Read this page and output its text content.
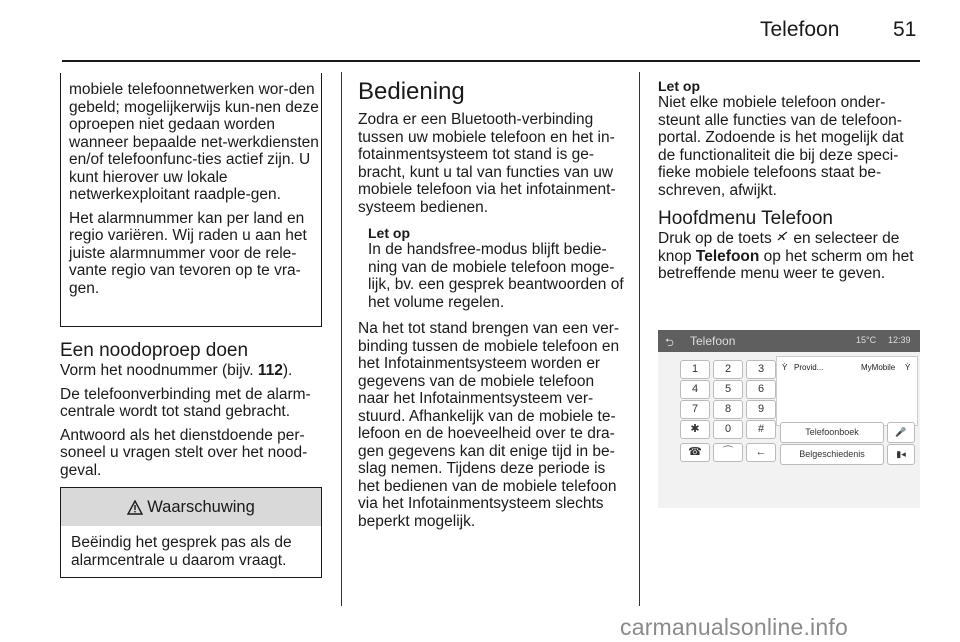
Telefoon	51

mobiele telefoonnetwerken wor-den gebeld; mogelijkerwijs kun-nen deze oproepen niet gedaan worden wanneer bepaalde net-werkdiensten en/of telefoonfunc-ties actief zijn. U kunt hierover uw lokale netwerkexploitant raadple-gen.

Het alarmnummer kan per land en regio variëren. Wij raden u aan het juiste alarmnummer voor de rele-vante regio van tevoren op te vra-gen.

Een noodoproep doen

Vorm het noodnummer (bijv. 112).

De telefoonverbinding met de alarm-centrale wordt tot stand gebracht.

Antwoord als het dienstdoende per-soneel u vragen stelt over het nood-geval.

Waarschuwing
Beëindig het gesprek pas als de alarmcentrale u daarom vraagt.
Bediening

Zodra er een Bluetooth-verbinding tussen uw mobiele telefoon en het in-fotainmentsysteem tot stand is ge-bracht, kunt u tal van functies van uw mobiele telefoon via het infotainment-systeem bedienen.

Let op

In de handsfree-modus blijft bedie-ning van de mobiele telefoon moge-lijk, bv. een gesprek beantwoorden of het volume regelen.

Na het tot stand brengen van een ver-binding tussen de mobiele telefoon en het Infotainmentsysteem worden er gegevens van de mobiele telefoon naar het Infotainmentsysteem ver-stuurd. Afhankelijk van de mobiele te-lefoon en de hoeveelheid over te dra-gen gegevens kan dit enige tijd in be-slag nemen. Tijdens deze periode is het bedienen van de mobiele telefoon via het Infotainmentsysteem slechts beperkt mogelijk.

Let op

Niet elke mobiele telefoon onder-steunt alle functies van de telefoon-portal. Zodoende is het mogelijk dat de functionaliteit die bij deze speci-fieke mobiele telefoons staat be-schreven, afwijkt.

Hoofdmenu Telefoon

Druk op de toets  en selecteer de knop Telefoon op het scherm om het betreffende menu weer te geven.

⮌ Telefoon	15°C 12:39
1	2	3
4	5	6
7	8	9
✱	0	#
☎	⌒	←
Ỳ Provid...	MyMobile Ỳ
Telefoonboek	🎤
Belgeschiedenis	▮◂
carmanualsonline.info
